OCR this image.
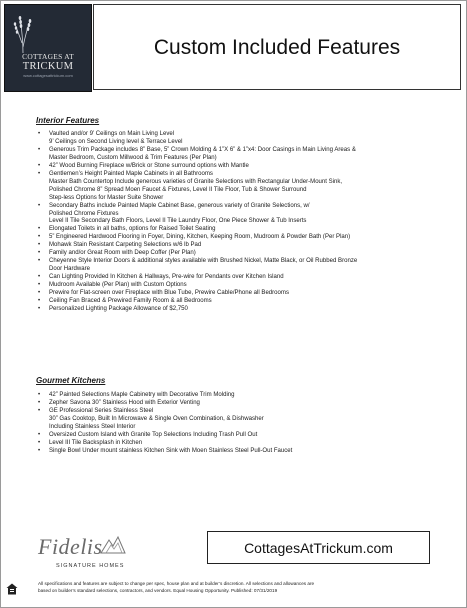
COTTAGES AT
TRICKUM
www.cottagesattrickum.com
Custom Included Features
Interior Features
• Vaulted and/or 9’ Ceilings on Main Living Level
9’ Ceilings on Second Living level & Terrace Level
• Generous Trim Package includes 8” Base, 5” Crown Molding & 1”X 6” & 1”x4: Door Casings in Main Living Areas &
Master Bedroom, Custom Millwood & Trim Features (Per Plan)
• 42” Wood Burning Fireplace w/Brick or Stone surround options with Mantle
• Gentlemen’s Height Painted Maple Cabinets in all Bathrooms
Master Bath Countertop Include generous varieties of Granite Selections with Rectangular Under-Mount Sink,
Polished Chrome 8” Spread Moen Faucet & Fixtures, Level II Tile Floor, Tub & Shower Surround
Step-less Options for Master Suite Shower
• Secondary Baths include Painted Maple Cabinet Base, generous variety of Granite Selections, w/
Polished Chrome Fixtures
Level II Tile Secondary Bath Floors, Level II Tile Laundry Floor, One Piece Shower & Tub Inserts
• Elongated Toilets in all baths, options for Raised Toilet Seating
• 5” Engineered Hardwood Flooring in Foyer, Dining, Kitchen, Keeping Room, Mudroom & Powder Bath (Per Plan)
• Mohawk Stain Resistant Carpeting Selections w/6 lb Pad
• Family and/or Great Room with Deep Coffer (Per Plan)
• Cheyenne Style Interior Doors & additional styles available with Brushed Nickel, Matte Black, or Oil Rubbed Bronze
Door Hardware
• Can Lighting Provided In Kitchen & Hallways, Pre-wire for Pendants over Kitchen Island
• Mudroom Available (Per Plan) with Custom Options
• Prewire for Flat-screen over Fireplace with Blue Tube, Prewire Cable/Phone all Bedrooms
• Ceiling Fan Braced & Prewired Family Room & all Bedrooms
• Personalized Lighting Package Allowance of $2,750
Gourmet Kitchens
• 42” Painted Selections Maple Cabinetry with Decorative Trim Molding
• Zepher Savona 30” Stainless Hood with Exterior Venting
• GE Professional Series Stainless Steel
30” Gas Cooktop, Built In Microwave & Single Oven Combination, & Dishwasher
Including Stainless Steel Interior
• Oversized Custom Island with Granite Top Selections Including Trash Pull Out
• Level III Tile Backsplash in Kitchen
• Single Bowl Under mount stainless Kitchen Sink with Moen Stainless Steel Pull-Out Faucet
Fidelis
SIGNATURE HOMES
CottagesAtTrickum.com
All specifications and features are subject to change per spec, house plan and at builder’s discretion. All selections and allowances are
based on builder’s standard selections, contractors, and vendors. Equal Housing Opportunity. Published: 07/31/2019
